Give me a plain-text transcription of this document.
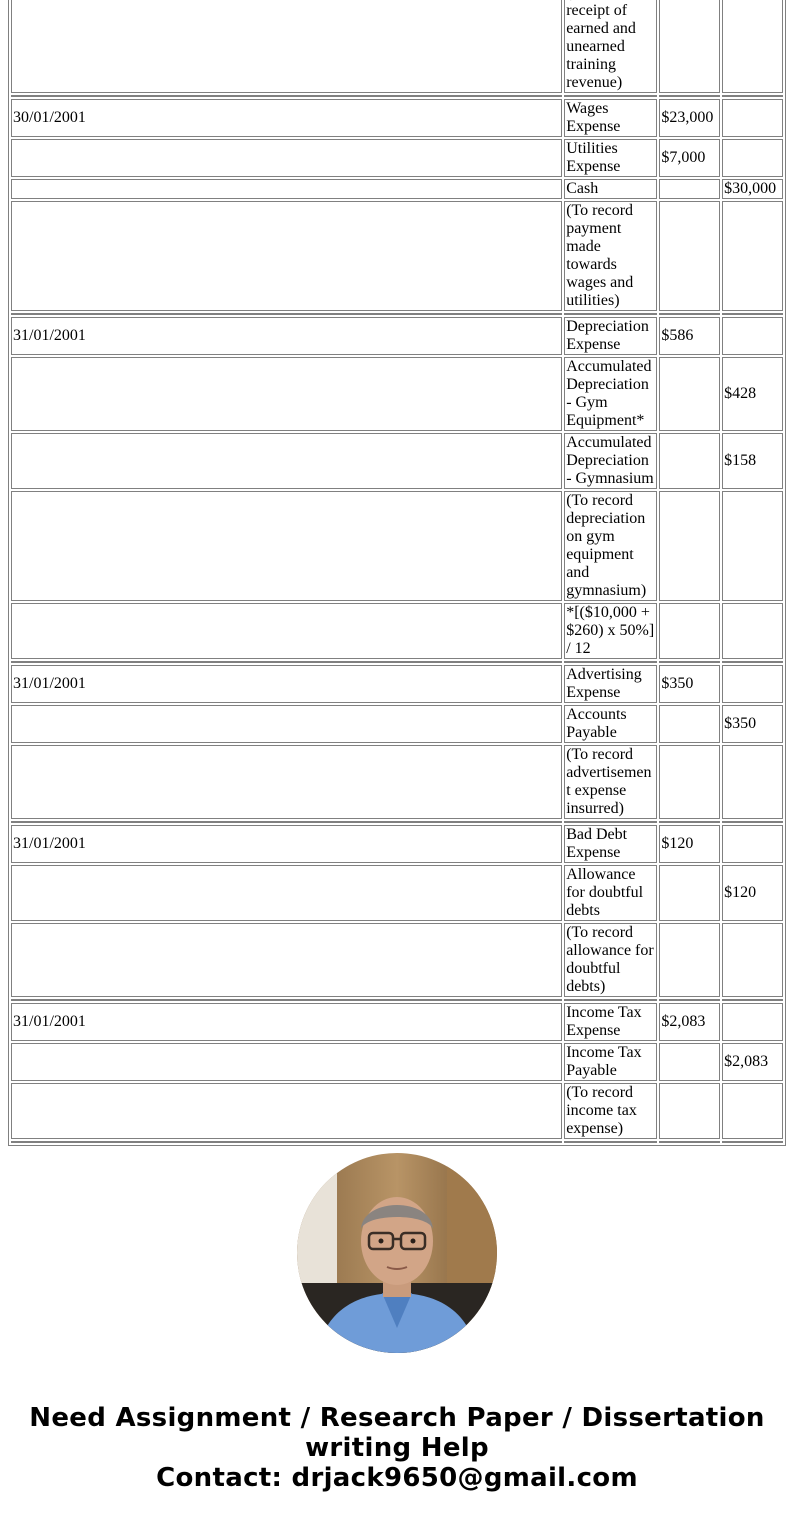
	receipt of earned and unearned training revenue)		

30/01/2001	Wages Expense	$23,000	
	Utilities Expense	$7,000	
	Cash		$30,000
	(To record payment made towards wages and utilities)		

31/01/2001	Depreciation Expense	$586	
	Accumulated Depreciation - Gym Equipment*		$428
	Accumulated Depreciation - Gymnasium		$158
	(To record depreciation on gym equipment and gymnasium)		
	*[($10,000 + $260) x 50%] / 12		

31/01/2001	Advertising Expense	$350	
	Accounts Payable		$350
	(To record advertisement expense insurred)		

31/01/2001	Bad Debt Expense	$120	
	Allowance for doubtful debts		$120
	(To record allowance for doubtful debts)		

31/01/2001	Income Tax Expense	$2,083	
	Income Tax Payable		$2,083
	(To record income tax expense)		

Need Assignment / Research Paper / Dissertation
writing Help
Contact: drjack9650@gmail.com
